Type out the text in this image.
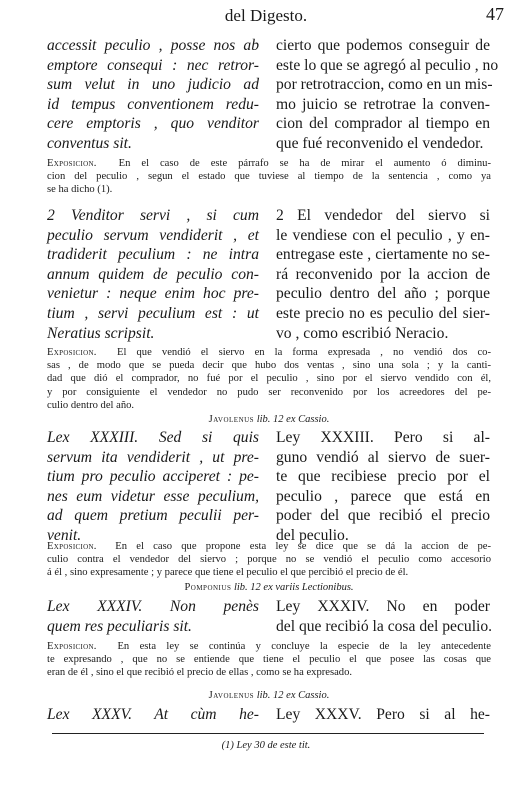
del Digesto.	47
accessit peculio , posse nos ab
emptore consequi : nec retror-
sum velut in uno judicio ad
id tempus conventionem redu-
cere emptoris , quo venditor
conventus sit.
cierto que podemos conseguir de
este lo que se agregó al peculio , no
por retrotraccion, como en un mis-
mo juicio se retrotrae la conven-
cion del comprador al tiempo en
que fué reconvenido el vendedor.
Exposicion. En el caso de este párrafo se ha de mirar el aumento ó diminu-
cion del peculio , segun el estado que tuviese al tiempo de la sentencia , como ya
se ha dicho (1).
2 Venditor servi , si cum
peculio servum vendiderit , et
tradiderit peculium : ne intra
annum quidem de peculio con-
venietur : neque enim hoc pre-
tium , servi peculium est : ut
Neratius scripsit.
2 El vendedor del siervo si
le vendiese con el peculio , y en-
entregase este , ciertamente no se-
rá reconvenido por la accion de
peculio dentro del año ; porque
este precio no es peculio del sier-
vo , como escribió Neracio.
Exposicion. El que vendió el siervo en la forma expresada , no vendió dos co-
sas , de modo que se pueda decir que hubo dos ventas , sino una sola ; y la canti-
dad que dió el comprador, no fué por el peculio , sino por el siervo vendido con él,
y por consiguiente el vendedor no pudo ser reconvenido por los acreedores del pe-
culio dentro del año.
Javolenus lib. 12 ex Cassio.
Lex XXXIII. Sed si quis
servum ita vendiderit , ut pre-
tium pro peculio acciperet : pe-
nes eum videtur esse peculium,
ad quem pretium peculii per-
venit.
Ley XXXIII. Pero si al-
guno vendió al siervo de suer-
te que recibiese precio por el
peculio , parece que está en
poder del que recibió el precio
del peculio.
Exposicion. En el caso que propone esta ley se dice que se dá la accion de pe-
culio contra el vendedor del siervo ; porque no se vendió el peculio como accesorio
á él , sino expresamente ; y parece que tiene el peculio el que percibió el precio de él.
Pomponius lib. 12 ex variis Lectionibus.
Lex XXXIV. Non penès
quem res peculiaris sit.
Ley XXXIV. No en poder
del que recibió la cosa del peculio.
Exposicion. En esta ley se continúa y concluye la especie de la ley antecedente
te expresando , que no se entiende que tiene el peculio el que posee las cosas que
eran de él , sino el que recibió el precio de ellas , como se ha expresado.
Javolenus lib. 12 ex Cassio.
Lex XXXV. At cùm he- Ley XXXV. Pero si al he-
(1) Ley 30 de este tit.
